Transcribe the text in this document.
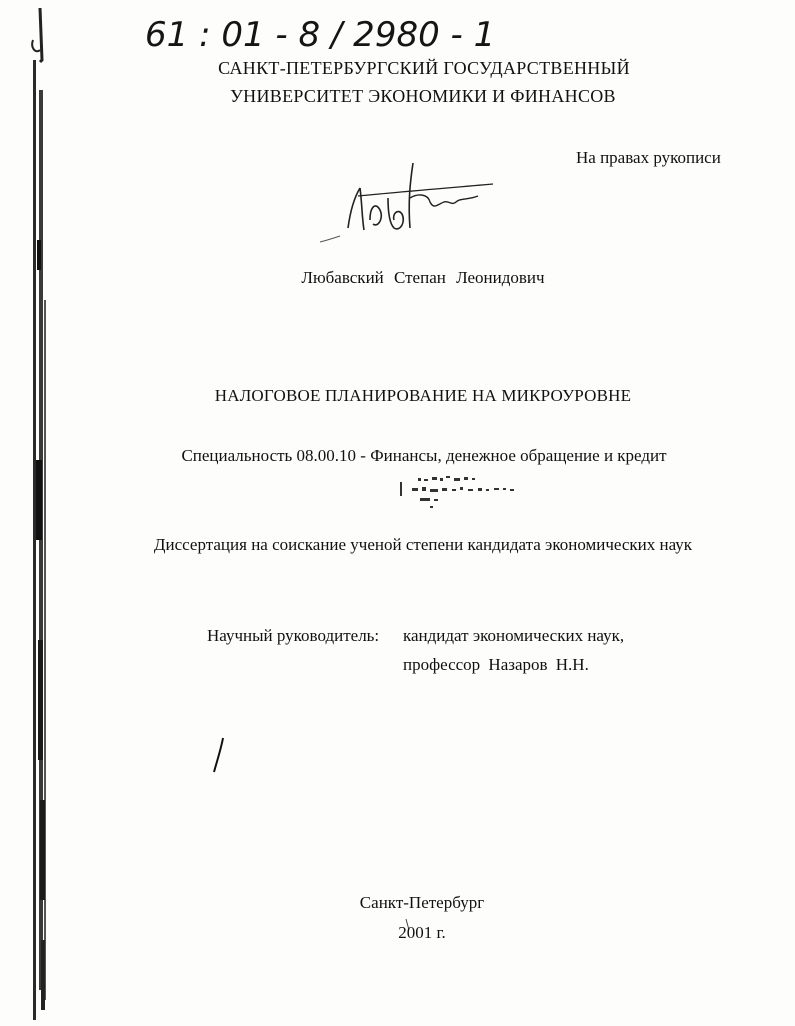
61 : 01 - 8 / 2980 - 1
САНКТ-ПЕТЕРБУРГСКИЙ ГОСУДАРСТВЕННЫЙ
УНИВЕРСИТЕТ ЭКОНОМИКИ И ФИНАНСОВ
На правах рукописи
Любавский Степан Леонидович
НАЛОГОВОЕ ПЛАНИРОВАНИЕ НА МИКРОУРОВНЕ
Специальность 08.00.10 - Финансы, денежное обращение и кредит
Диссертация на соискание ученой степени кандидата экономических наук
Научный руководитель: кандидат экономических наук,
профессор Назаров Н.Н.
Санкт-Петербург
2001 г.
